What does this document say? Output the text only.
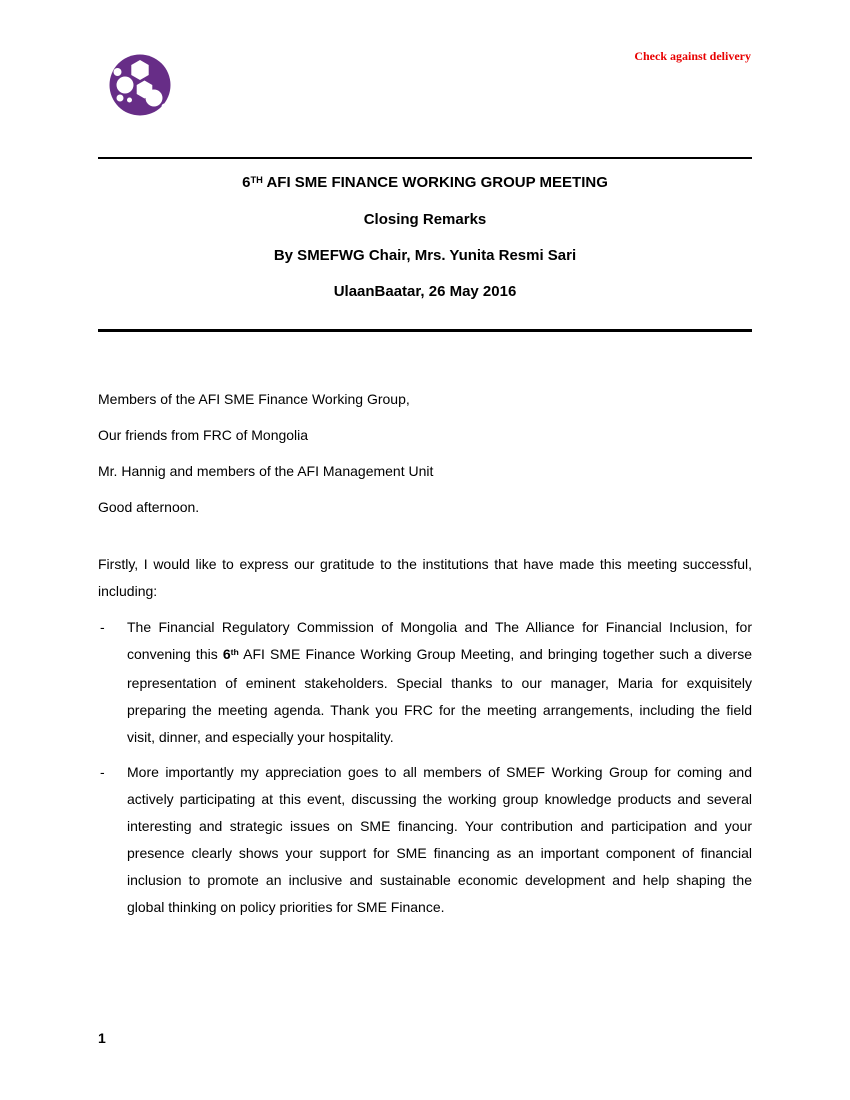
Check against delivery

6TH AFI SME FINANCE WORKING GROUP MEETING

Closing Remarks

By SMEFWG Chair, Mrs. Yunita Resmi Sari

UlaanBaatar, 26 May 2016

Members of the AFI SME Finance Working Group,

Our friends from FRC of Mongolia

Mr. Hannig and members of the AFI Management Unit

Good afternoon.

Firstly, I would like to express our gratitude to the institutions that have made this meeting successful, including:

- The Financial Regulatory Commission of Mongolia and The Alliance for Financial Inclusion, for convening this 6th AFI SME Finance Working Group Meeting, and bringing together such a diverse representation of eminent stakeholders. Special thanks to our manager, Maria for exquisitely preparing the meeting agenda. Thank you FRC for the meeting arrangements, including the field visit, dinner, and especially your hospitality.
- More importantly my appreciation goes to all members of SMEF Working Group for coming and actively participating at this event, discussing the working group knowledge products and several interesting and strategic issues on SME financing. Your contribution and participation and your presence clearly shows your support for SME financing as an important component of financial inclusion to promote an inclusive and sustainable economic development and help shaping the global thinking on policy priorities for SME Finance.
1
